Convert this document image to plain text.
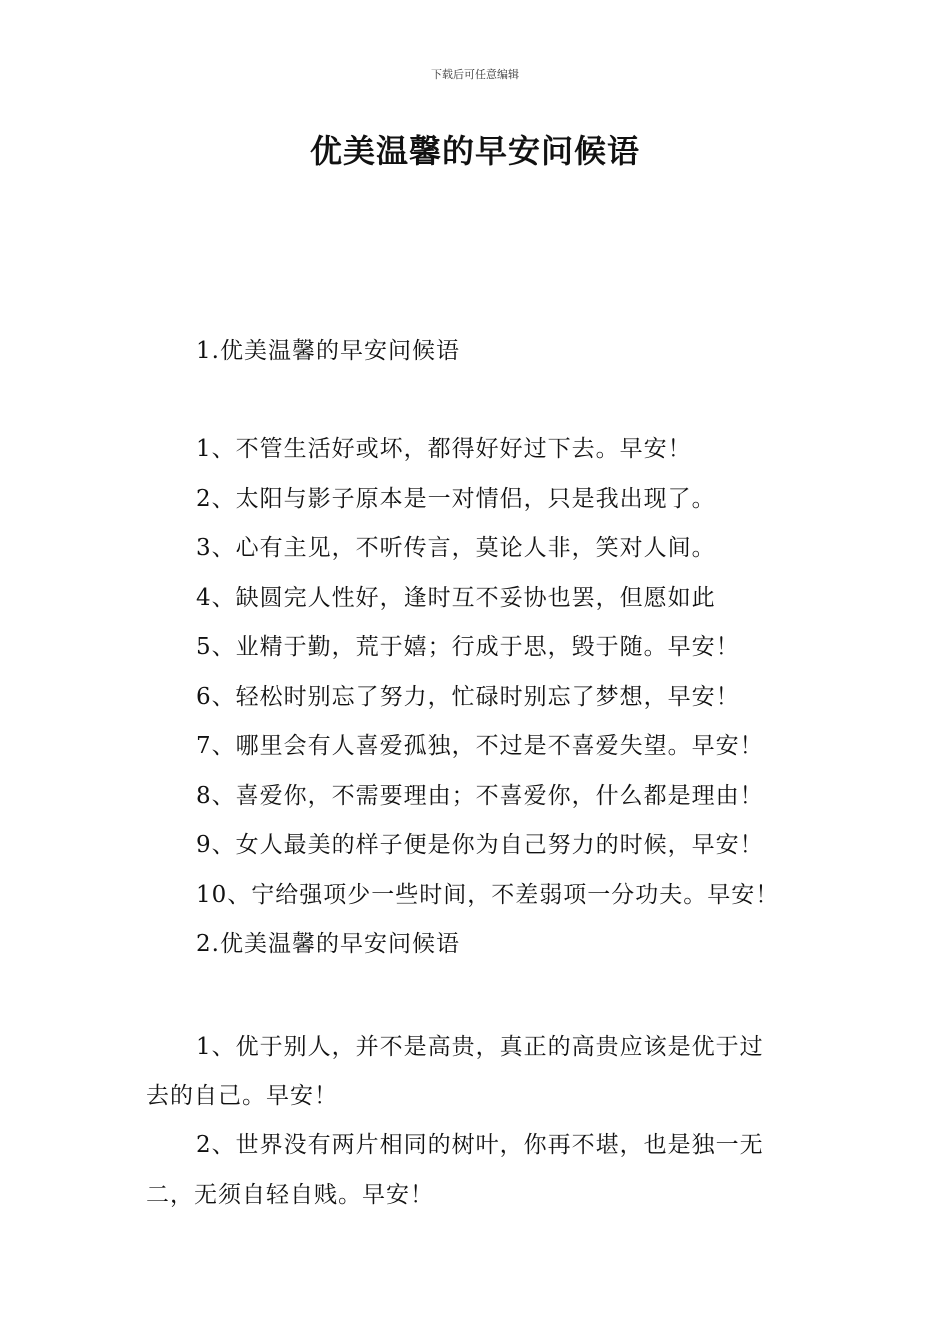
下载后可任意编辑
优美温馨的早安问候语
1.优美温馨的早安问候语
1、不管生活好或坏，都得好好过下去。早安！
2、太阳与影子原本是一对情侣，只是我出现了。
3、心有主见，不听传言，莫论人非，笑对人间。
4、缺圆完人性好，逢时互不妥协也罢，但愿如此
5、业精于勤，荒于嬉；行成于思，毁于随。早安！
6、轻松时别忘了努力，忙碌时别忘了梦想，早安！
7、哪里会有人喜爱孤独，不过是不喜爱失望。早安！
8、喜爱你，不需要理由；不喜爱你，什么都是理由！
9、女人最美的样子便是你为自己努力的时候，早安！
10、宁给强项少一些时间，不差弱项一分功夫。早安！
2.优美温馨的早安问候语
1、优于别人，并不是高贵，真正的高贵应该是优于过
去的自己。早安！
2、世界没有两片相同的树叶，你再不堪，也是独一无
二，无须自轻自贱。早安！
